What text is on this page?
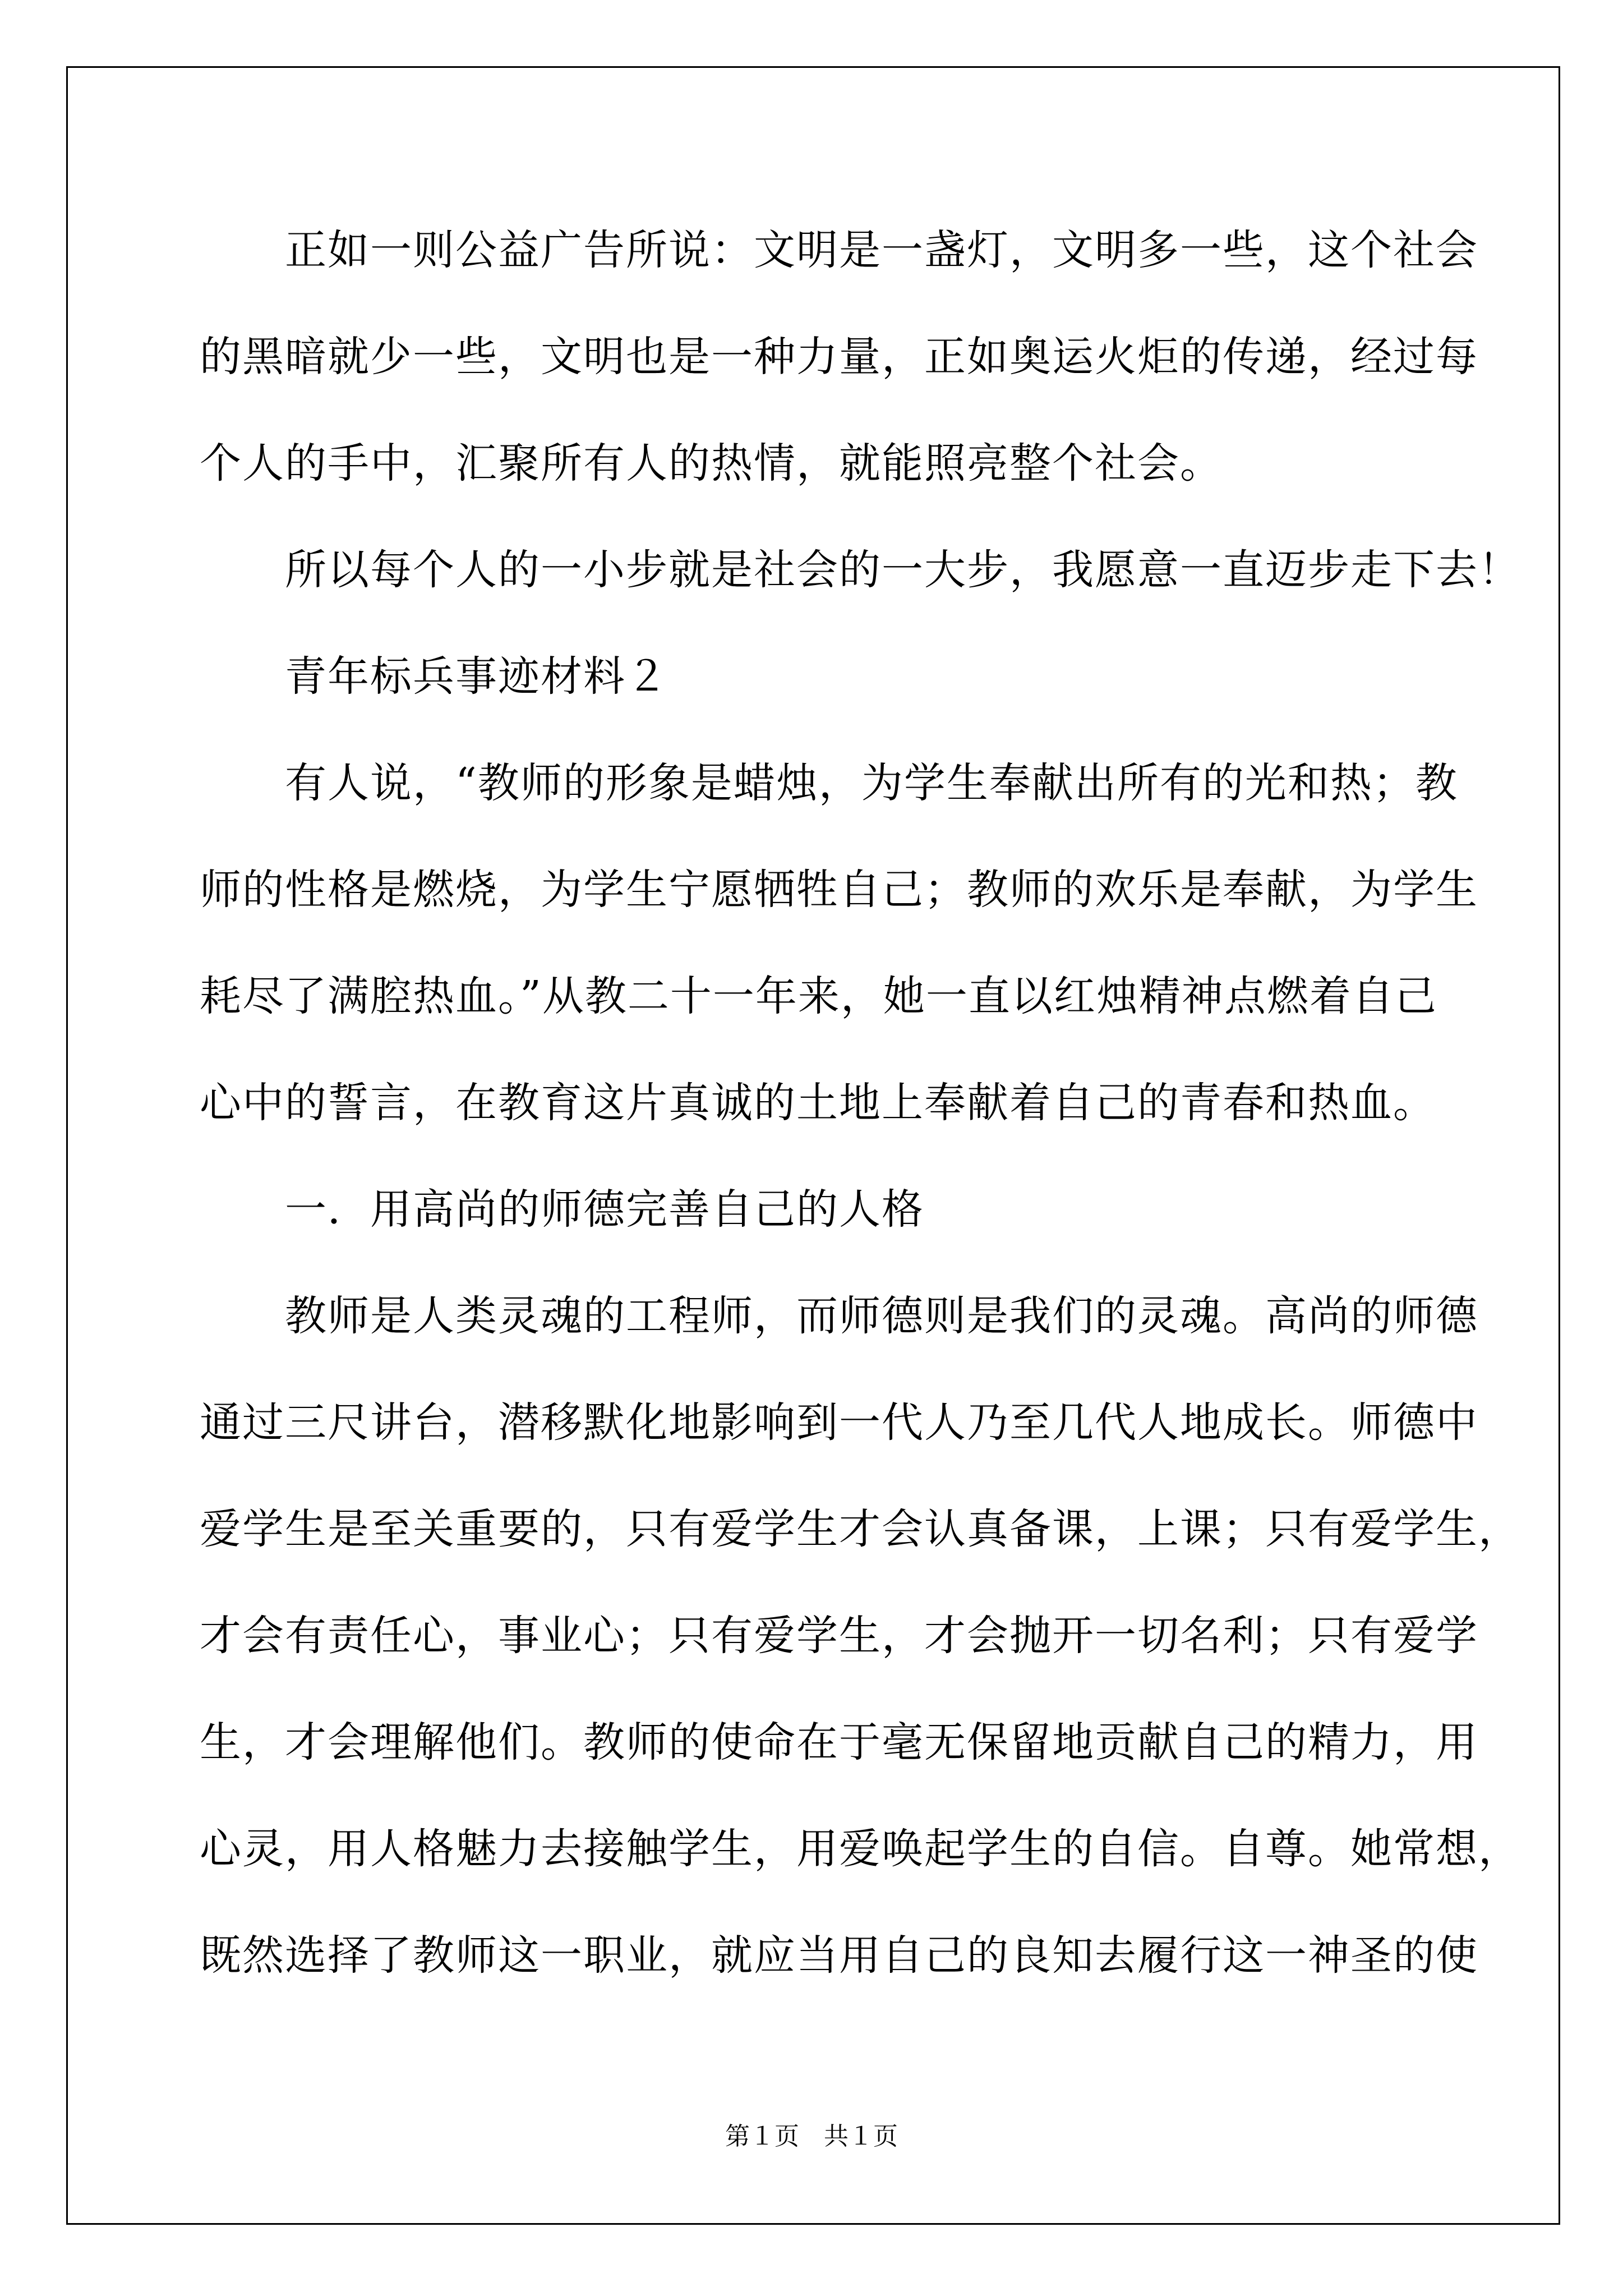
　　正如一则公益广告所说：文明是一盏灯，文明多一些，这个社会
的黑暗就少一些，文明也是一种力量，正如奥运火炬的传递，经过每
个人的手中，汇聚所有人的热情，就能照亮整个社会。
　　所以每个人的一小步就是社会的一大步，我愿意一直迈步走下去！
　　青年标兵事迹材料２
　　有人说，“教师的形象是蜡烛，为学生奉献出所有的光和热；教
师的性格是燃烧，为学生宁愿牺牲自己；教师的欢乐是奉献，为学生
耗尽了满腔热血。”从教二十一年来，她一直以红烛精神点燃着自己
心中的誓言，在教育这片真诚的土地上奉献着自己的青春和热血。
　　一．用高尚的师德完善自己的人格
　　教师是人类灵魂的工程师，而师德则是我们的灵魂。高尚的师德
通过三尺讲台，潜移默化地影响到一代人乃至几代人地成长。师德中
爱学生是至关重要的，只有爱学生才会认真备课，上课；只有爱学生，
才会有责任心，事业心；只有爱学生，才会抛开一切名利；只有爱学
生，才会理解他们。教师的使命在于毫无保留地贡献自己的精力，用
心灵，用人格魅力去接触学生，用爱唤起学生的自信。自尊。她常想，
既然选择了教师这一职业，就应当用自己的良知去履行这一神圣的使
第１页　共１页
